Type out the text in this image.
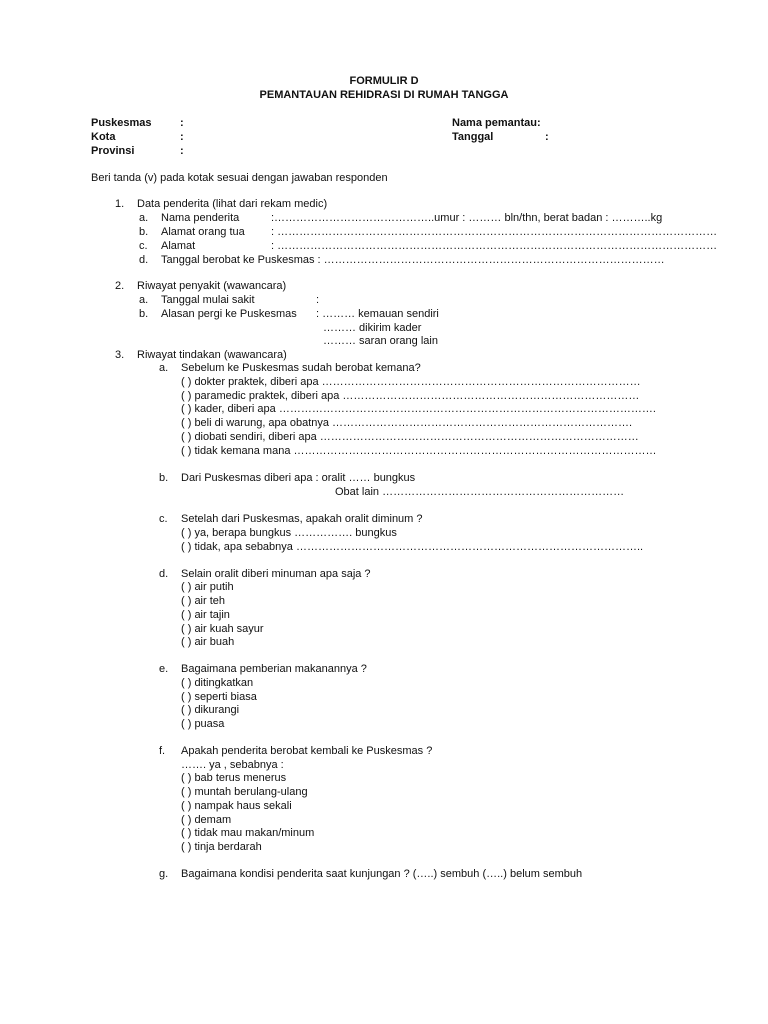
FORMULIR D
PEMANTAUAN REHIDRASI DI RUMAH TANGGA
Puskesmas	:
Kota	:
Provinsi	:
Nama pemantau:
Tanggal	:
Beri tanda (v) pada kotak sesuai dengan jawaban responden
1. Data penderita (lihat dari rekam medic)
a. Nama penderita	:……………………………………..umur : ……… bln/thn, berat badan : ………..kg
b. Alamat orang tua : …………………………………………………………………………………………………………
c. Alamat	: …………………………………………………………………………………………………………
d. Tanggal berobat ke Puskesmas : …………………………………………………………………………………
2. Riwayat penyakit (wawancara)
a. Tanggal mulai sakit	:
b. Alasan pergi ke Puskesmas : ……… kemauan sendiri
……… dikirim kader
……… saran orang lain
3. Riwayat tindakan (wawancara)
a. Sebelum ke Puskesmas sudah berobat kemana?
( ) dokter praktek, diberi apa ……………………………………………………………………………
( ) paramedic praktek, diberi apa ………………………………………………………………………
( ) kader, diberi apa ………………………………………………………………………………………….
( ) beli di warung, apa obatnya ……………………………………………………………………….
( ) diobati sendiri, diberi apa ……………………………………………………………………………
( ) tidak kemana mana ………………………………………………………………………………………
b. Dari Puskesmas diberi apa : oralit …… bungkus
Obat lain …………………………………………………………
c. Setelah dari Puskesmas, apakah oralit diminum ?
( ) ya, berapa bungkus ……………. bungkus
( ) tidak, apa sebabnya …………………………………………………………………………………..
d. Selain oralit diberi minuman apa saja ?
( ) air putih
( ) air teh
( ) air tajin
( ) air kuah sayur
( ) air buah
e. Bagaimana pemberian makanannya ?
( ) ditingkatkan
( ) seperti biasa
( ) dikurangi
( ) puasa
f. Apakah penderita berobat kembali ke Puskesmas ?
……. ya , sebabnya :
( ) bab terus menerus
( ) muntah berulang-ulang
( ) nampak haus sekali
( ) demam
( ) tidak mau makan/minum
( ) tinja berdarah
g. Bagaimana kondisi penderita saat kunjungan ? (…..) sembuh (…..) belum sembuh
